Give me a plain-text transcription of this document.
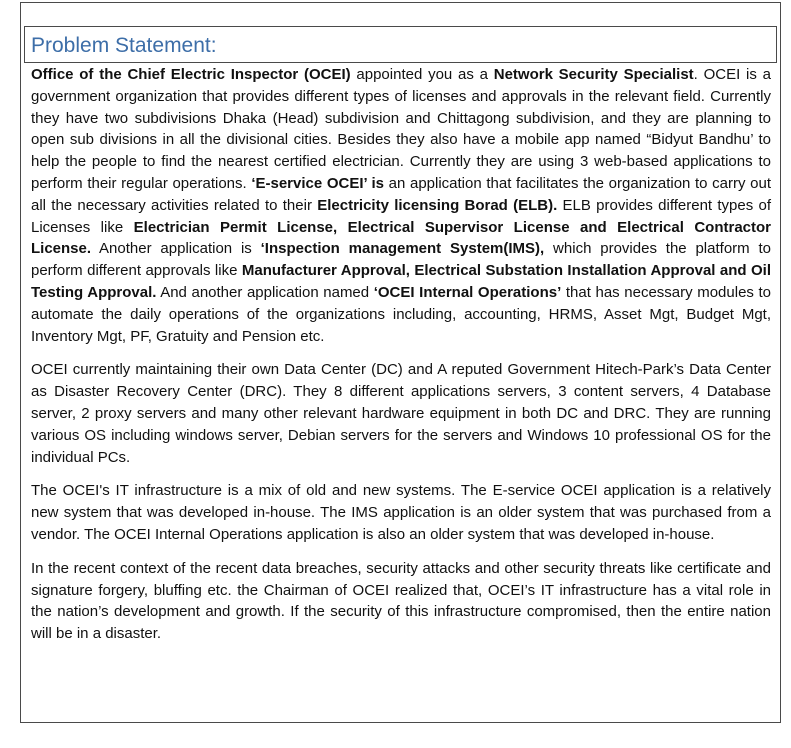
Problem Statement:

Office of the Chief Electric Inspector (OCEI) appointed you as a Network Security Specialist. OCEI is a government organization that provides different types of licenses and approvals in the relevant field. Currently they have two subdivisions Dhaka (Head) subdivision and Chittagong subdivision, and they are planning to open sub divisions in all the divisional cities. Besides they also have a mobile app named “Bidyut Bandhu’ to help the people to find the nearest certified electrician. Currently they are using 3 web-based applications to perform their regular operations. ‘E-service OCEI’ is an application that facilitates the organization to carry out all the necessary activities related to their Electricity licensing Borad (ELB). ELB provides different types of Licenses like Electrician Permit License, Electrical Supervisor License and Electrical Contractor License. Another application is ‘Inspection management System(IMS), which provides the platform to perform different approvals like Manufacturer Approval, Electrical Substation Installation Approval and Oil Testing Approval. And another application named ‘OCEI Internal Operations’ that has necessary modules to automate the daily operations of the organizations including, accounting, HRMS, Asset Mgt, Budget Mgt, Inventory Mgt, PF, Gratuity and Pension etc.

OCEI currently maintaining their own Data Center (DC) and A reputed Government Hitech-Park’s Data Center as Disaster Recovery Center (DRC). They 8 different applications servers, 3 content servers, 4 Database server, 2 proxy servers and many other relevant hardware equipment in both DC and DRC. They are running various OS including windows server, Debian servers for the servers and Windows 10 professional OS for the individual PCs.

The OCEI's IT infrastructure is a mix of old and new systems. The E-service OCEI application is a relatively new system that was developed in-house. The IMS application is an older system that was purchased from a vendor. The OCEI Internal Operations application is also an older system that was developed in-house.

In the recent context of the recent data breaches, security attacks and other security threats like certificate and signature forgery, bluffing etc. the Chairman of OCEI realized that, OCEI’s IT infrastructure has a vital role in the nation’s development and growth. If the security of this infrastructure compromised, then the entire nation will be in a disaster.
